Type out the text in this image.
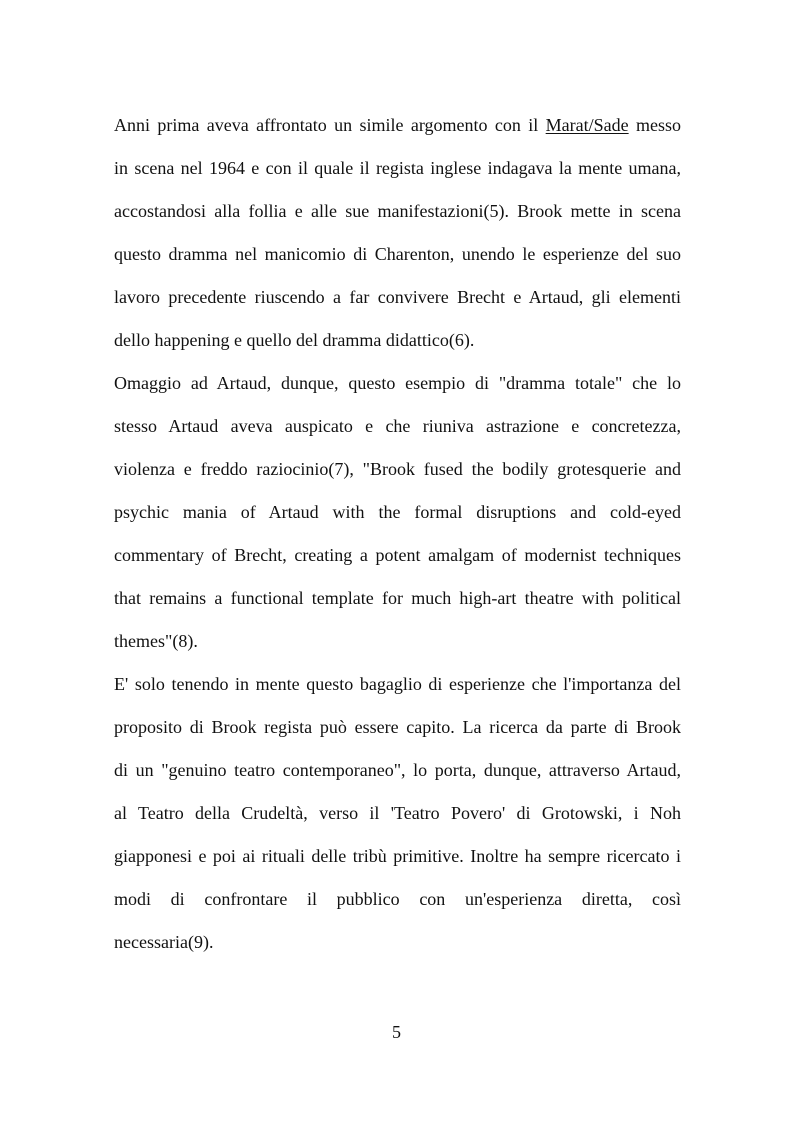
Anni prima aveva affrontato un simile argomento con il Marat/Sade messo
in scena nel 1964 e con il quale il regista inglese indagava la mente umana,
accostandosi alla follia e alle sue manifestazioni(5). Brook mette in scena
questo dramma nel manicomio di Charenton, unendo le esperienze del suo
lavoro precedente riuscendo a far convivere Brecht e Artaud, gli elementi
dello happening e quello del dramma didattico(6).
Omaggio ad Artaud, dunque, questo esempio di "dramma totale" che lo
stesso Artaud aveva auspicato e che riuniva astrazione e concretezza,
violenza e freddo raziocinio(7), "Brook fused the bodily grotesquerie and
psychic mania of Artaud with the formal disruptions and cold-eyed
commentary of Brecht, creating a potent amalgam of modernist techniques
that remains a functional template for much high-art theatre with political
themes"(8).
E' solo tenendo in mente questo bagaglio di esperienze che l'importanza del
proposito di Brook regista può essere capito. La ricerca da parte di Brook
di un "genuino teatro contemporaneo", lo porta, dunque, attraverso Artaud,
al Teatro della Crudeltà, verso il 'Teatro Povero' di Grotowski, i Noh
giapponesi e poi ai rituali delle tribù primitive. Inoltre ha sempre ricercato i
modi di confrontare il pubblico con un'esperienza diretta, così
necessaria(9).
5
